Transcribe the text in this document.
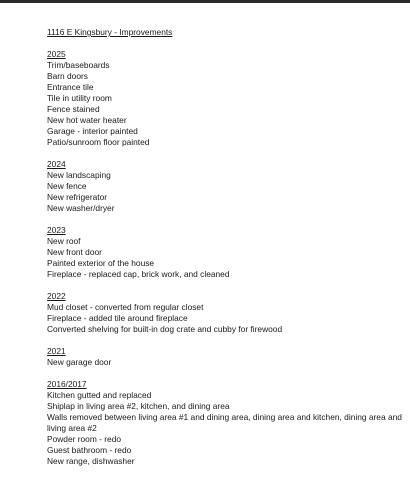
1116 E Kingsbury - Improvements
2025
Trim/baseboards
Barn doors
Entrance tile
Tile in utility room
Fence stained
New hot water heater
Garage - interior painted
Patio/sunroom floor painted
2024
New landscaping
New fence
New refrigerator
New washer/dryer
2023
New roof
New front door
Painted exterior of the house
Fireplace - replaced cap, brick work, and cleaned
2022
Mud closet - converted from regular closet
Fireplace - added tile around fireplace
Converted shelving for built-in dog crate and cubby for firewood
2021
New garage door
2016/2017
Kitchen gutted and replaced
Shiplap in living area #2, kitchen, and dining area
Walls removed between living area #1 and dining area, dining area and kitchen, dining area and living area #2
Powder room - redo
Guest bathroom - redo
New range, dishwasher
